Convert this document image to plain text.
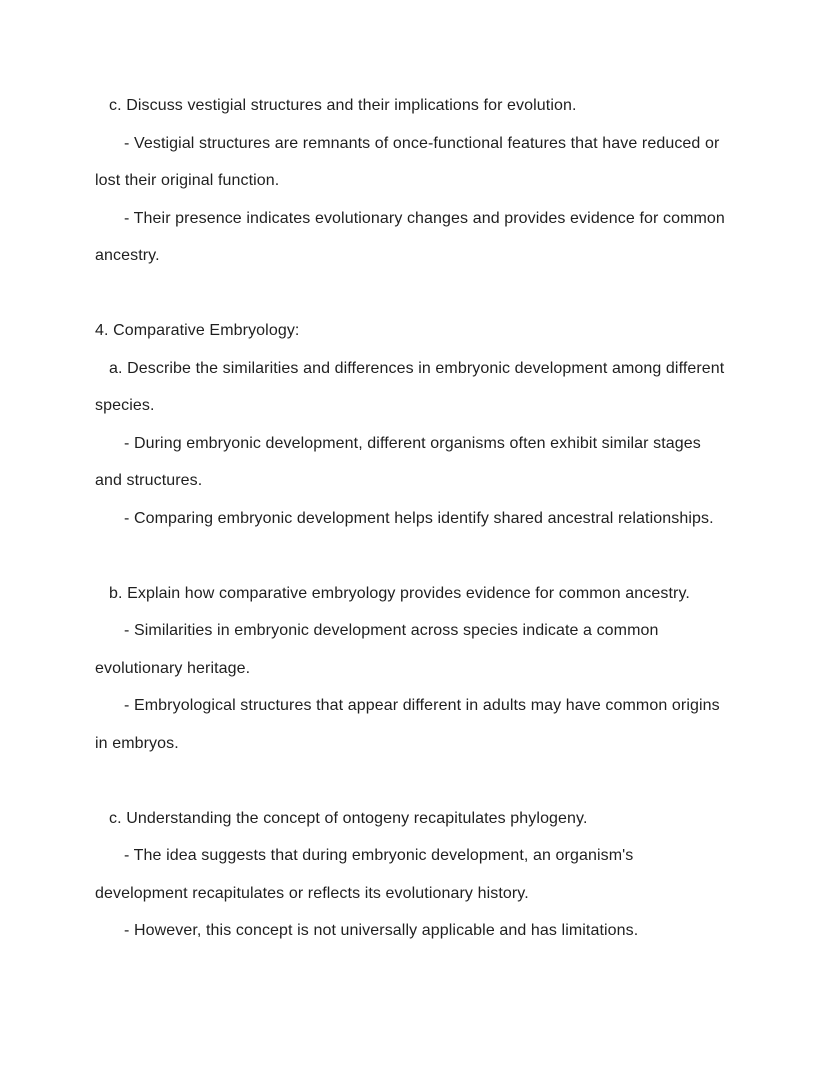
c. Discuss vestigial structures and their implications for evolution.
- Vestigial structures are remnants of once-functional features that have reduced or
lost their original function.
- Their presence indicates evolutionary changes and provides evidence for common
ancestry.
4. Comparative Embryology:
a. Describe the similarities and differences in embryonic development among different
species.
- During embryonic development, different organisms often exhibit similar stages
and structures.
- Comparing embryonic development helps identify shared ancestral relationships.
b. Explain how comparative embryology provides evidence for common ancestry.
- Similarities in embryonic development across species indicate a common
evolutionary heritage.
- Embryological structures that appear different in adults may have common origins
in embryos.
c. Understanding the concept of ontogeny recapitulates phylogeny.
- The idea suggests that during embryonic development, an organism's
development recapitulates or reflects its evolutionary history.
- However, this concept is not universally applicable and has limitations.
